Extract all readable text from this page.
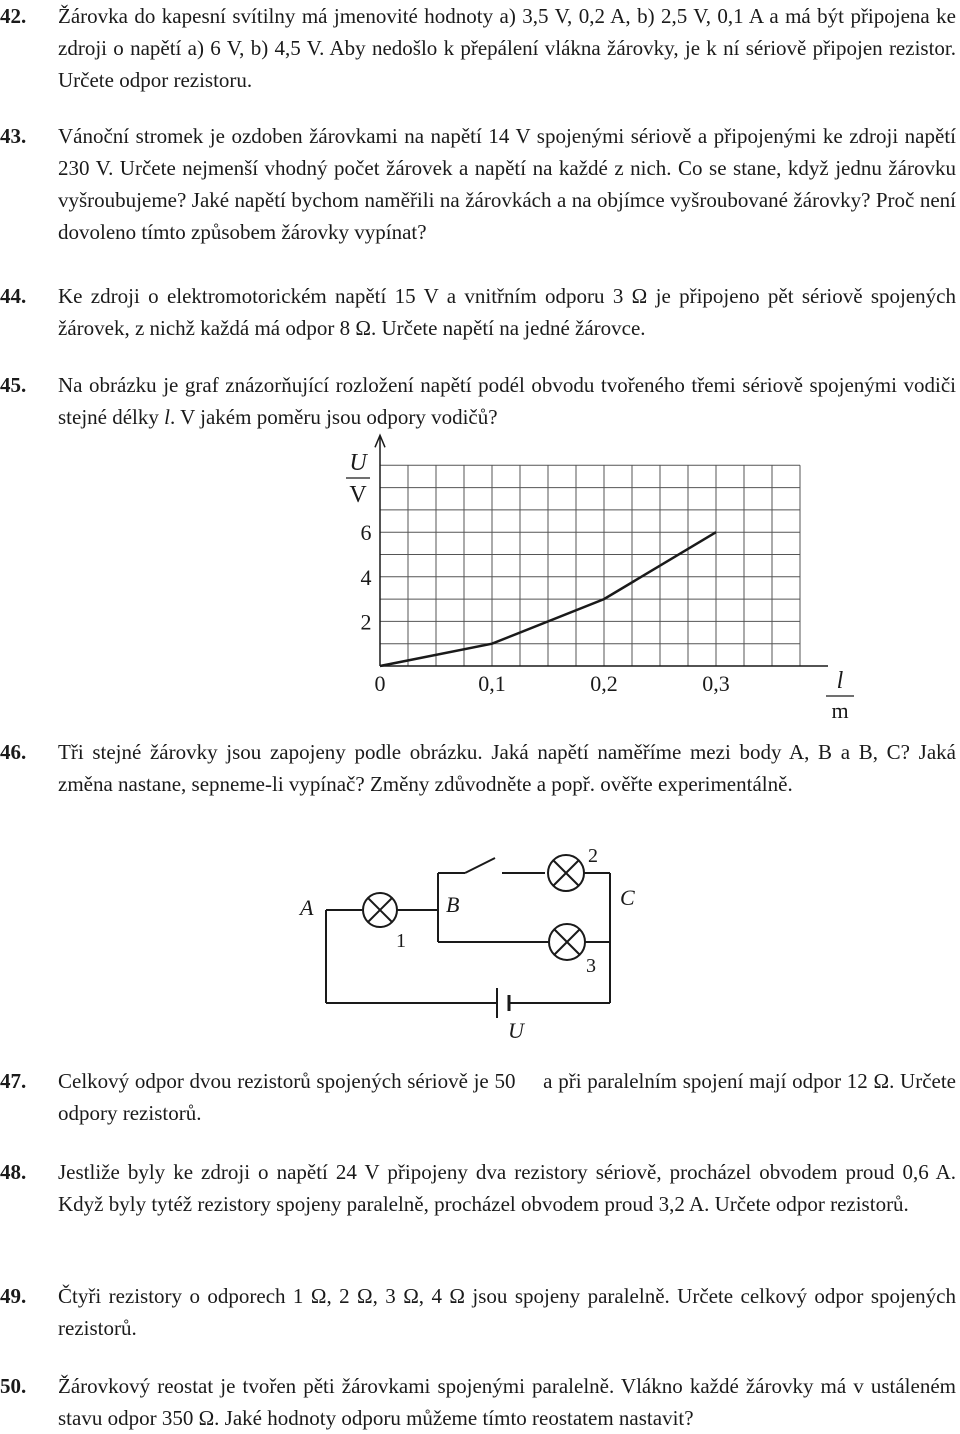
42. Žárovka do kapesní svítilny má jmenovité hodnoty a) 3,5 V, 0,2 A, b) 2,5 V, 0,1 A a má být připojena ke zdroji o napětí a) 6 V, b) 4,5 V. Aby nedošlo k přepálení vlákna žárovky, je k ní sériově připojen rezistor. Určete odpor rezistoru.
43. Vánoční stromek je ozdoben žárovkami na napětí 14 V spojenými sériově a připojenými ke zdroji napětí 230 V. Určete nejmenší vhodný počet žárovek a napětí na každé z nich. Co se stane, když jednu žárovku vyšroubujeme? Jaké napětí bychom naměřili na žárovkách a na objímce vyšroubované žárovky? Proč není dovoleno tímto způsobem žárovky vypínat?
44. Ke zdroji o elektromotorickém napětí 15 V a vnitřním odporu 3 Ω je připojeno pět sériově spojených žárovek, z nichž každá má odpor 8 Ω. Určete napětí na jedné žárovce.
45. Na obrázku je graf znázorňující rozložení napětí podél obvodu tvořeného třemi sériově spojenými vodiči stejné délky l. V jakém poměru jsou odpory vodičů?
0	0,1	0,2	0,3
2
4
6
U
V
l
m
46. Tři stejné žárovky jsou zapojeny podle obrázku. Jaká napětí naměříme mezi body A, B a B, C? Jaká změna nastane, sepneme-li vypínač? Změny zdůvodněte a popř. ověřte experimentálně.
A	B	C
U
1
2
3
47. Celkový odpor dvou rezistorů spojených sériově je 50   a při paralelním spojení mají odpor 12 Ω. Určete odpory rezistorů.
48. Jestliže byly ke zdroji o napětí 24 V připojeny dva rezistory sériově, procházel obvodem proud 0,6 A. Když byly tytéž rezistory spojeny paralelně, procházel obvodem proud 3,2 A. Určete odpor rezistorů.
49. Čtyři rezistory o odporech 1 Ω, 2 Ω, 3 Ω, 4 Ω jsou spojeny paralelně. Určete celkový odpor spojených rezistorů.
50. Žárovkový reostat je tvořen pěti žárovkami spojenými paralelně. Vlákno každé žárovky má v ustáleném stavu odpor 350 Ω. Jaké hodnoty odporu můžeme tímto reostatem nastavit?
